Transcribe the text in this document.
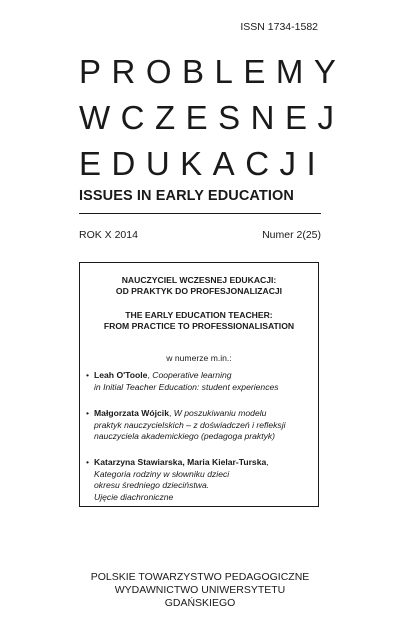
ISSN 1734-1582
PROBLEMY
WCZESNEJ
EDUKACJI
ISSUES IN EARLY EDUCATION
ROK X 2014	Numer 2(25)
NAUCZYCIEL WCZESNEJ EDUKACJI:
OD PRAKTYK DO PROFESJONALIZACJI
THE EARLY EDUCATION TEACHER:
FROM PRACTICE TO PROFESSIONALISATION
w numerze m.in.:
• Leah O'Toole, Cooperative learning
in Initial Teacher Education: student experiences
• Małgorzata Wójcik, W poszukiwaniu modelu
praktyk nauczycielskich – z doświadczeń i refleksji
nauczyciela akademickiego (pedagoga praktyk)
• Katarzyna Stawiarska, Maria Kielar-Turska,
Kategoria rodziny w słowniku dzieci
okresu średniego dzieciństwa.
Ujęcie diachroniczne
POLSKIE TOWARZYSTWO PEDAGOGICZNE
WYDAWNICTWO UNIWERSYTETU GDAŃSKIEGO
